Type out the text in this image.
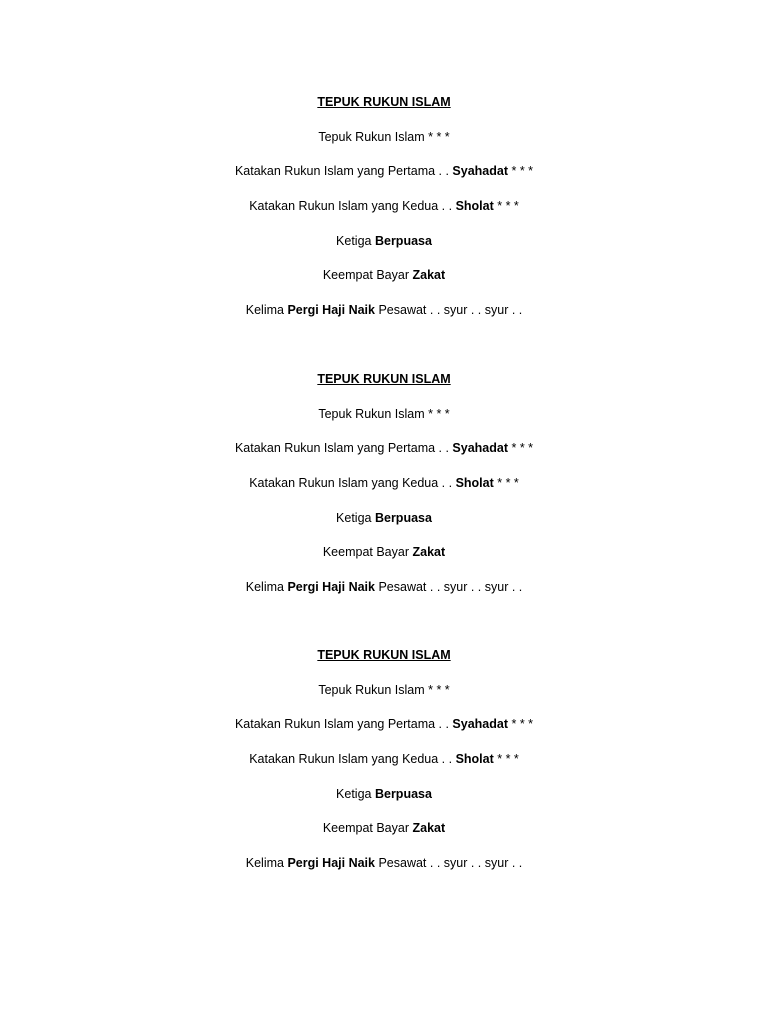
TEPUK RUKUN ISLAM
Tepuk Rukun Islam * * *
Katakan Rukun Islam yang Pertama . . Syahadat * * *
Katakan Rukun Islam yang Kedua . . Sholat * * *
Ketiga Berpuasa
Keempat Bayar Zakat
Kelima Pergi Haji Naik Pesawat . . syur . . syur . .
TEPUK RUKUN ISLAM
Tepuk Rukun Islam * * *
Katakan Rukun Islam yang Pertama . . Syahadat * * *
Katakan Rukun Islam yang Kedua . . Sholat * * *
Ketiga Berpuasa
Keempat Bayar Zakat
Kelima Pergi Haji Naik Pesawat . . syur . . syur . .
TEPUK RUKUN ISLAM
Tepuk Rukun Islam * * *
Katakan Rukun Islam yang Pertama . . Syahadat * * *
Katakan Rukun Islam yang Kedua . . Sholat * * *
Ketiga Berpuasa
Keempat Bayar Zakat
Kelima Pergi Haji Naik Pesawat . . syur . . syur . .
